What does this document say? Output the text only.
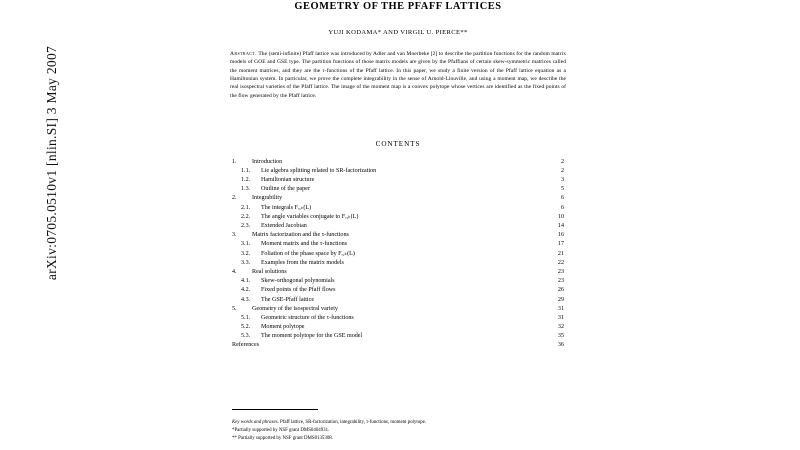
arXiv:0705.0510v1 [nlin.SI] 3 May 2007
GEOMETRY OF THE PFAFF LATTICES
YUJI KODAMA* AND VIRGIL U. PIERCE**
Abstract. The (semi-infinite) Pfaff lattice was introduced by Adler and van Moerbeke [2] to describe the partition functions for the random matrix models of GOE and GSE type. The partition functions of those matrix models are given by the Pfaffians of certain skew-symmetric matrices called the moment matrices, and they are the τ-functions of the Pfaff lattice. In this paper, we study a finite version of the Pfaff lattice equation as a Hamiltonian system. In particular, we prove the complete integrability in the sense of Arnold-Liouville, and using a moment map, we describe the real isospectral varieties of the Pfaff lattice. The image of the moment map is a convex polytope whose vertices are identified as the fixed points of the flow generated by the Pfaff lattice.
CONTENTS
1.	Introduction	2
1.1.	Lie algebra splitting related to SR-factorization	2
1.2.	Hamiltonian structure	3
1.3.	Outline of the paper	5
2.	Integrability	6
2.1.	The integrals Fᵣ,ₖ(L)	6
2.2.	The angle variables conjugate to Fᵣ,ₖ(L)	10
2.3.	Extended Jacobian	14
3.	Matrix factorization and the τ-functions	16
3.1.	Moment matrix and the τ-functions	17
3.2.	Foliation of the phase space by Fᵣ,ₖ(L)	21
3.3.	Examples from the matrix models	22
4.	Real solutions	23
4.1.	Skew-orthogonal polynomials	23
4.2.	Fixed points of the Pfaff flows	26
4.3.	The GSE-Pfaff lattice	29
5.	Geometry of the isospectral variety	31
5.1.	Geometric structure of the τ-functions	31
5.2.	Moment polytope	32
5.3.	The moment polytope for the GSE model	35
References	36
Key words and phrases. Pfaff lattice, SR-factorization, integrability, τ-functions, moment polytope.
*Partially supported by NSF grant DMS0404931.
** Partially supported by NSF grant DMS0135308.
